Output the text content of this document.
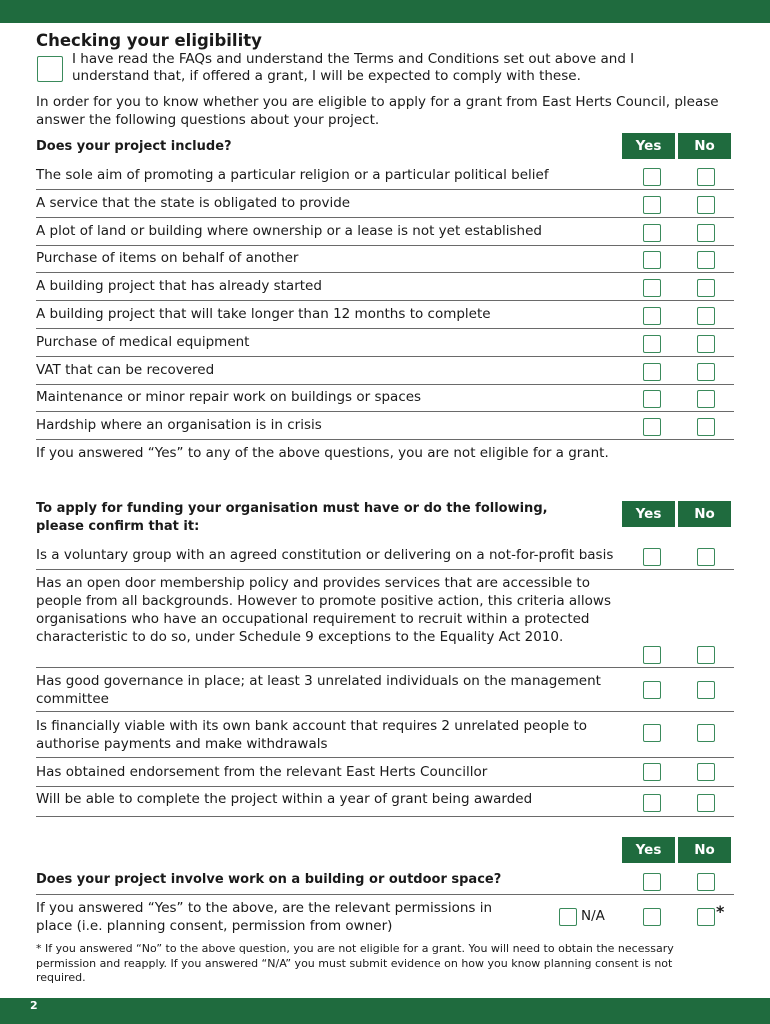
Checking your eligibility
I have read the FAQs and understand the Terms and Conditions set out above and I understand that, if offered a grant, I will be expected to comply with these.
In order for you to know whether you are eligible to apply for a grant from East Herts Council, please answer the following questions about your project.
Does your project include?	Yes	No
The sole aim of promoting a particular religion or a particular political belief
A service that the state is obligated to provide
A plot of land or building where ownership or a lease is not yet established
Purchase of items on behalf of another
A building project that has already started
A building project that will take longer than 12 months to complete
Purchase of medical equipment
VAT that can be recovered
Maintenance or minor repair work on buildings or spaces
Hardship where an organisation is in crisis
If you answered “Yes” to any of the above questions, you are not eligible for a grant.
To apply for funding your organisation must have or do the following, please confirm that it:
Yes	No
Is a voluntary group with an agreed constitution or delivering on a not-for-profit basis
Has an open door membership policy and provides services that are accessible to people from all backgrounds. However to promote positive action, this criteria allows organisations who have an occupational requirement to recruit within a protected characteristic to do so, under Schedule 9 exceptions to the Equality Act 2010.
Has good governance in place; at least 3 unrelated individuals on the management committee
Is financially viable with its own bank account that requires 2 unrelated people to authorise payments and make withdrawals
Has obtained endorsement from the relevant East Herts Councillor
Will be able to complete the project within a year of grant being awarded
Yes	No
Does your project involve work on a building or outdoor space?
If you answered “Yes” to the above, are the relevant permissions in place (i.e. planning consent, permission from owner)
N/A	*
* If you answered “No” to the above question, you are not eligible for a grant. You will need to obtain the necessary permission and reapply. If you answered “N/A” you must submit evidence on how you know planning consent is not required.
2
